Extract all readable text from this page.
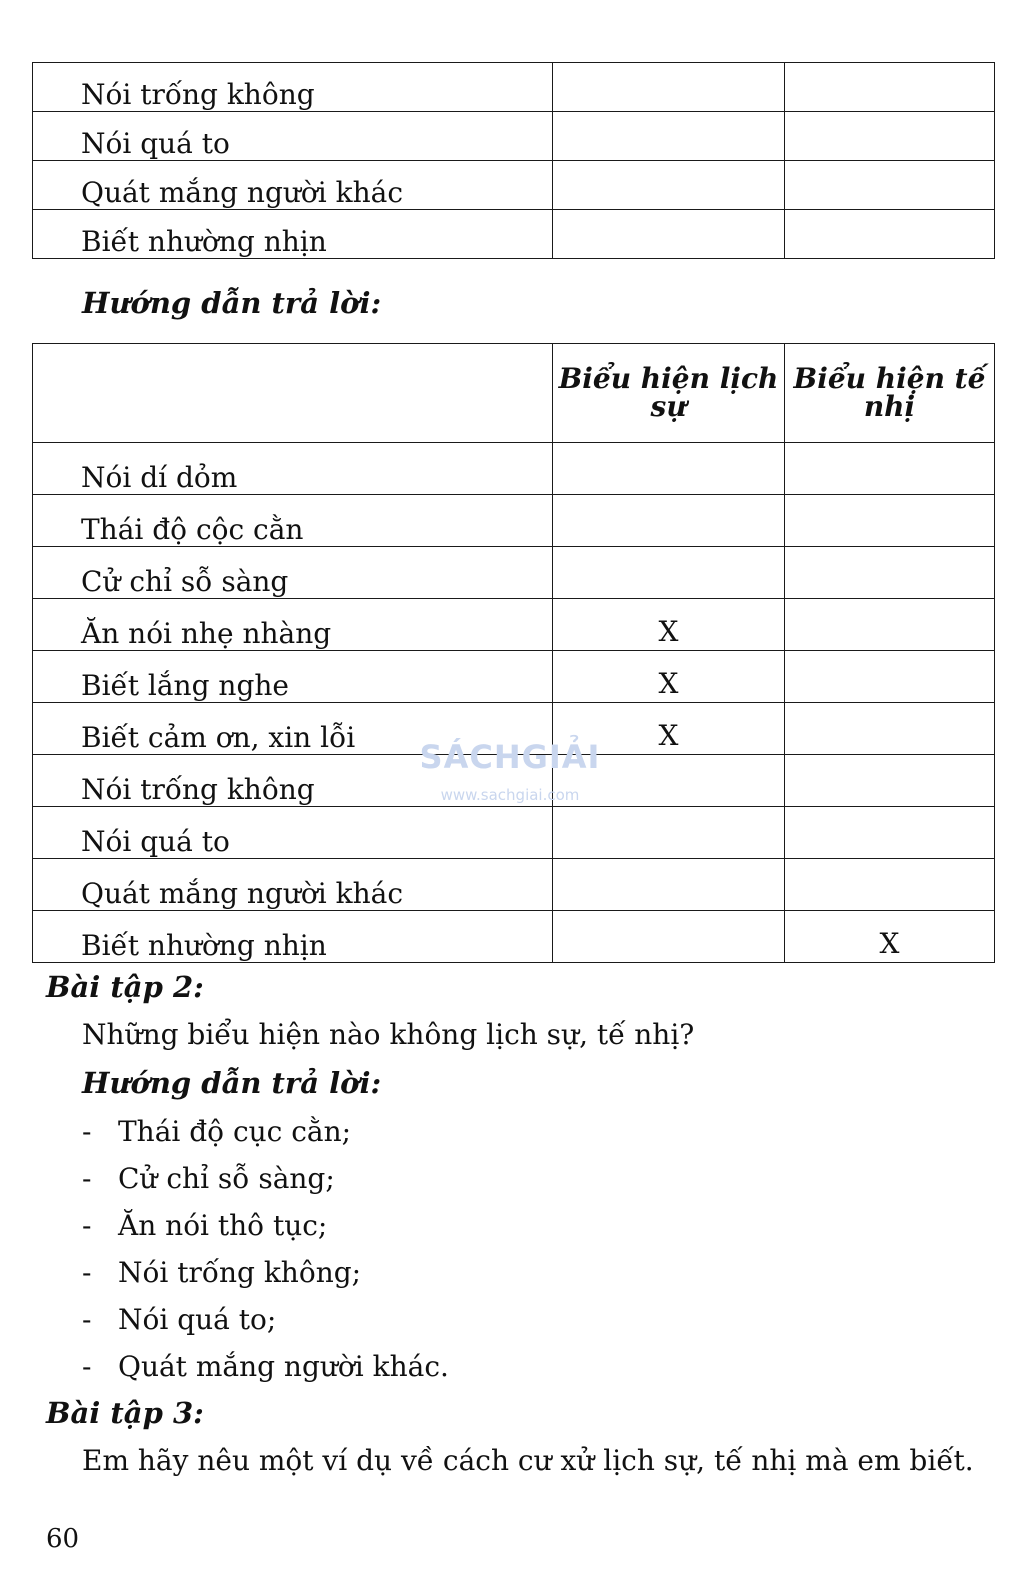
Nói trống không		
Nói quá to		
Quát mắng người khác		
Biết nhường nhịn		
Hướng dẫn trả lời:
	Biểu hiện lịch sự	Biểu hiện tế nhị
Nói dí dỏm		
Thái độ cộc cằn		
Cử chỉ sỗ sàng		
Ăn nói nhẹ nhàng	X	
Biết lắng nghe	X	
Biết cảm ơn, xin lỗi	X	
Nói trống không		
Nói quá to		
Quát mắng người khác		
Biết nhường nhịn		X
SÁCHGIẢI
www.sachgiai.com
Bài tập 2:
Những biểu hiện nào không lịch sự, tế nhị?
Hướng dẫn trả lời:
- Thái độ cục cằn;
- Cử chỉ sỗ sàng;
- Ăn nói thô tục;
- Nói trống không;
- Nói quá to;
- Quát mắng người khác.
Bài tập 3:
Em hãy nêu một ví dụ về cách cư xử lịch sự, tế nhị mà em biết.
60
